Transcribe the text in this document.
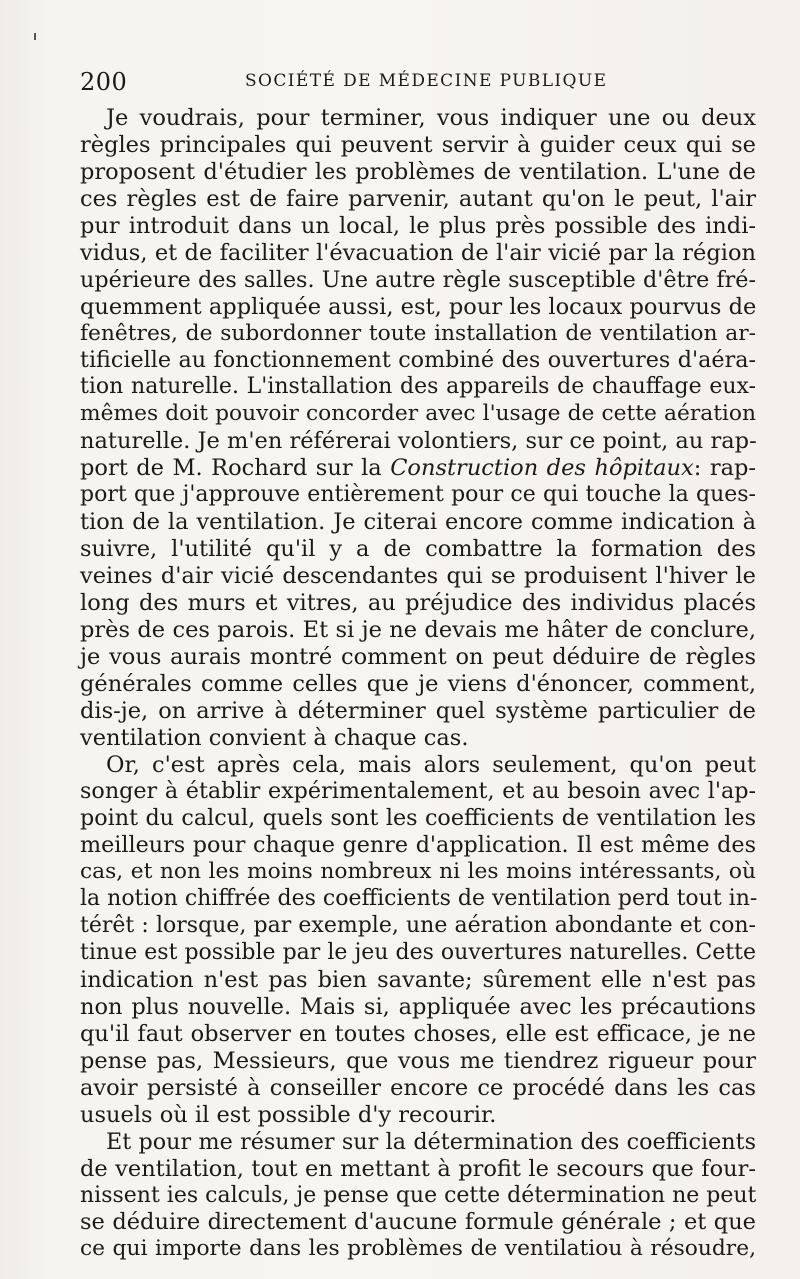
200	SOCIÉTÉ DE MÉDECINE PUBLIQUE
Je voudrais, pour terminer, vous indiquer une ou deux
règles principales qui peuvent servir à guider ceux qui se
proposent d'étudier les problèmes de ventilation. L'une de
ces règles est de faire parvenir, autant qu'on le peut, l'air
pur introduit dans un local, le plus près possible des indi-
vidus, et de faciliter l'évacuation de l'air vicié par la région
upérieure des salles. Une autre règle susceptible d'être fré-
quemment appliquée aussi, est, pour les locaux pourvus de
fenêtres, de subordonner toute installation de ventilation ar-
tificielle au fonctionnement combiné des ouvertures d'aéra-
tion naturelle. L'installation des appareils de chauffage eux-
mêmes doit pouvoir concorder avec l'usage de cette aération
naturelle. Je m'en référerai volontiers, sur ce point, au rap-
port de M. Rochard sur la Construction des hôpitaux: rap-
port que j'approuve entièrement pour ce qui touche la ques-
tion de la ventilation. Je citerai encore comme indication à
suivre, l'utilité qu'il y a de combattre la formation des
veines d'air vicié descendantes qui se produisent l'hiver le
long des murs et vitres, au préjudice des individus placés
près de ces parois. Et si je ne devais me hâter de conclure,
je vous aurais montré comment on peut déduire de règles
générales comme celles que je viens d'énoncer, comment,
dis-je, on arrive à déterminer quel système particulier de
ventilation convient à chaque cas.
Or, c'est après cela, mais alors seulement, qu'on peut
songer à établir expérimentalement, et au besoin avec l'ap-
point du calcul, quels sont les coefficients de ventilation les
meilleurs pour chaque genre d'application. Il est même des
cas, et non les moins nombreux ni les moins intéressants, où
la notion chiffrée des coefficients de ventilation perd tout in-
térêt : lorsque, par exemple, une aération abondante et con-
tinue est possible par le jeu des ouvertures naturelles. Cette
indication n'est pas bien savante; sûrement elle n'est pas
non plus nouvelle. Mais si, appliquée avec les précautions
qu'il faut observer en toutes choses, elle est efficace, je ne
pense pas, Messieurs, que vous me tiendrez rigueur pour
avoir persisté à conseiller encore ce procédé dans les cas
usuels où il est possible d'y recourir.
Et pour me résumer sur la détermination des coefficients
de ventilation, tout en mettant à profit le secours que four-
nissent ies calculs, je pense que cette détermination ne peut
se déduire directement d'aucune formule générale ; et que
ce qui importe dans les problèmes de ventilatiou à résoudre,
